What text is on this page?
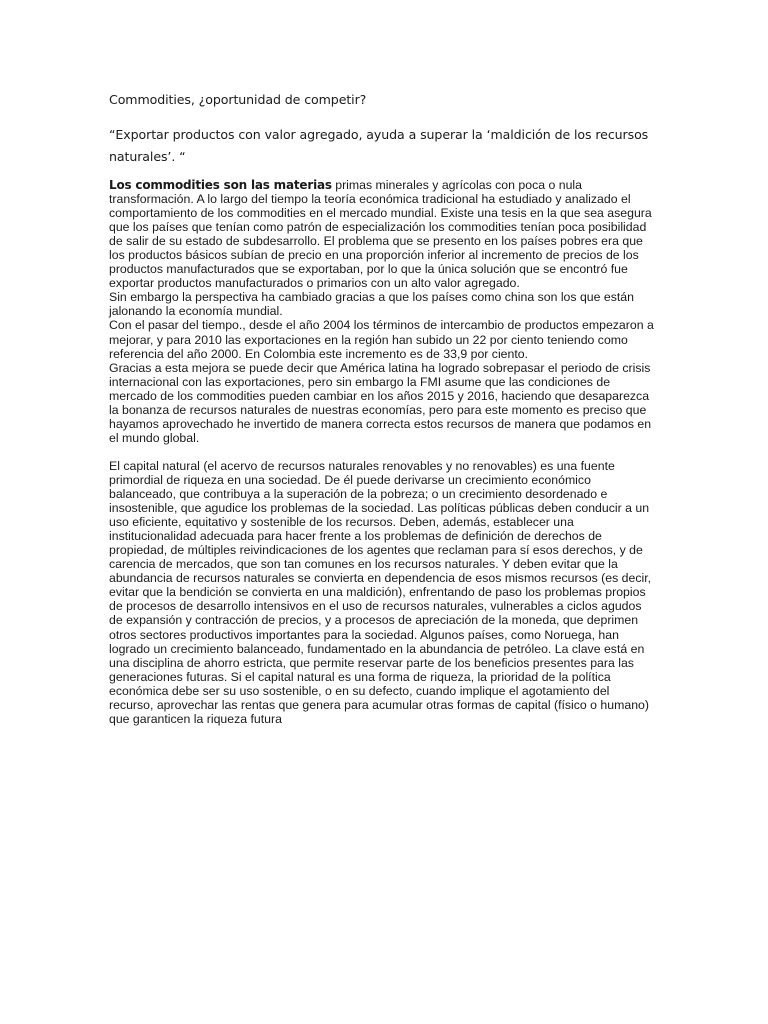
Commodities, ¿oportunidad de competir?

“Exportar productos con valor agregado, ayuda a superar la ‘maldición de los recursos naturales’. “

Los commodities son las materias primas minerales y agrícolas con poca o nula transformación. A lo largo del tiempo la teoría económica tradicional ha estudiado y analizado el comportamiento de los commodities en el mercado mundial. Existe una tesis en la que sea asegura que los países que tenían como patrón de especialización los commodities tenían poca posibilidad de salir de su estado de subdesarrollo. El problema que se presento en los países pobres era que los productos básicos subían de precio en una proporción inferior al incremento de precios de los productos manufacturados que se exportaban, por lo que la única solución que se encontró fue exportar productos manufacturados o primarios con un alto valor agregado.

Sin embargo la perspectiva ha cambiado gracias a que los países como china son los que están jalonando la economía mundial.

Con el pasar del tiempo., desde el año 2004 los términos de intercambio de productos empezaron a mejorar, y para 2010 las exportaciones en la región han subido un 22 por ciento teniendo como referencia del año 2000. En Colombia este incremento es de 33,9 por ciento.

Gracias a esta mejora se puede decir que América latina ha logrado sobrepasar el periodo de crisis internacional con las exportaciones, pero sin embargo la FMI asume que las condiciones de mercado de los commodities pueden cambiar en los años 2015 y 2016, haciendo que desaparezca la bonanza de recursos naturales de nuestras economías, pero para este momento es preciso que hayamos aprovechado he invertido de manera correcta estos recursos de manera que podamos en el mundo global.

El capital natural (el acervo de recursos naturales renovables y no renovables) es una fuente primordial de riqueza en una sociedad. De él puede derivarse un crecimiento económico balanceado, que contribuya a la superación de la pobreza; o un crecimiento desordenado e insostenible, que agudice los problemas de la sociedad. Las políticas públicas deben conducir a un uso eficiente, equitativo y sostenible de los recursos. Deben, además, establecer una institucionalidad adecuada para hacer frente a los problemas de definición de derechos de propiedad, de múltiples reivindicaciones de los agentes que reclaman para sí esos derechos, y de carencia de mercados, que son tan comunes en los recursos naturales. Y deben evitar que la abundancia de recursos naturales se convierta en dependencia de esos mismos recursos (es decir, evitar que la bendición se convierta en una maldición), enfrentando de paso los problemas propios de procesos de desarrollo intensivos en el uso de recursos naturales, vulnerables a ciclos agudos de expansión y contracción de precios, y a procesos de apreciación de la moneda, que deprimen otros sectores productivos importantes para la sociedad. Algunos países, como Noruega, han logrado un crecimiento balanceado, fundamentado en la abundancia de petróleo. La clave está en una disciplina de ahorro estricta, que permite reservar parte de los beneficios presentes para las generaciones futuras. Si el capital natural es una forma de riqueza, la prioridad de la política económica debe ser su uso sostenible, o en su defecto, cuando implique el agotamiento del recurso, aprovechar las rentas que genera para acumular otras formas de capital (físico o humano) que garanticen la riqueza futura
